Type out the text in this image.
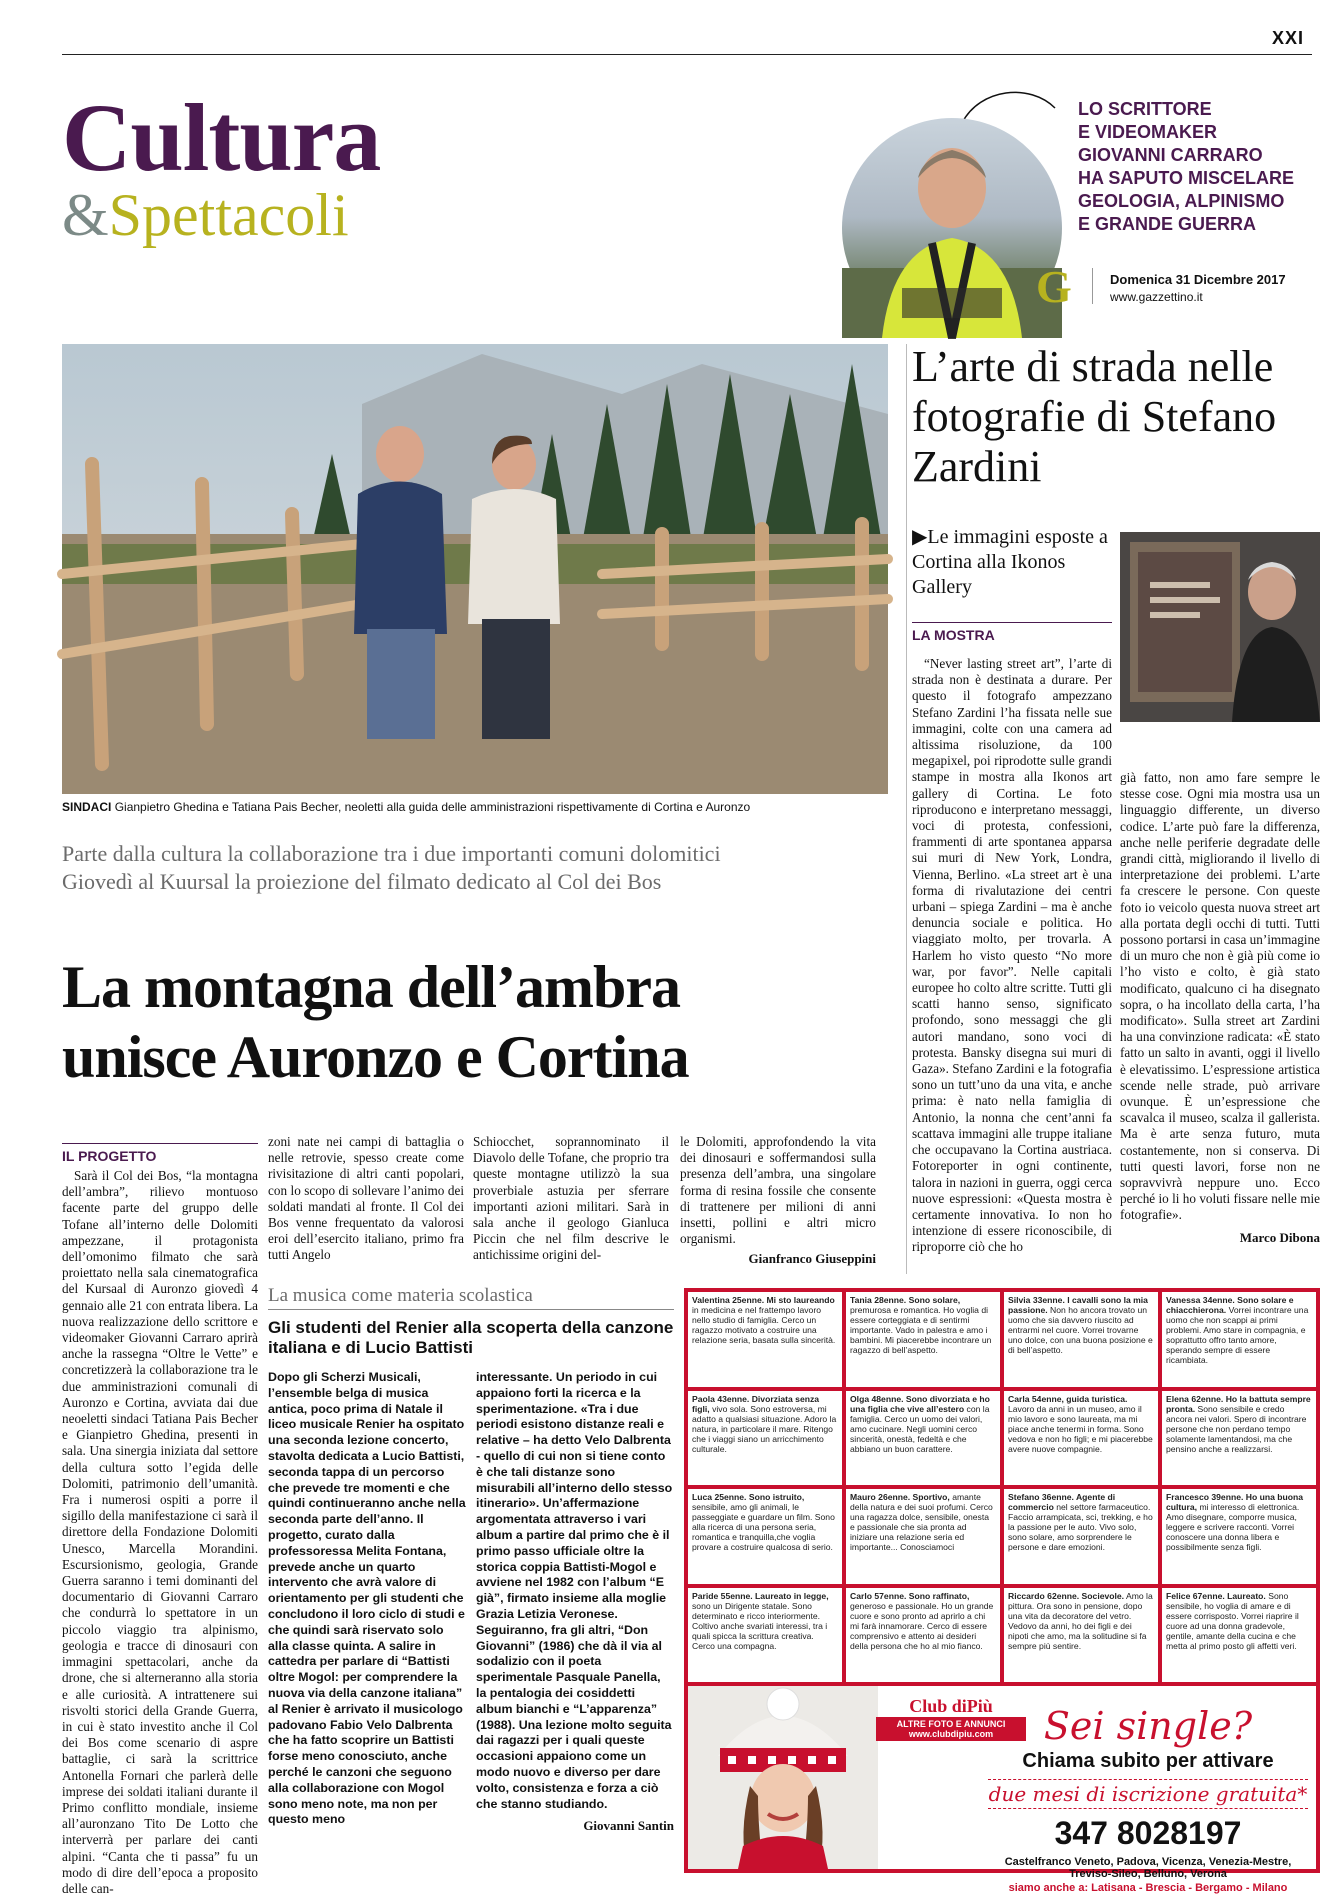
XXI
Cultura
&Spettacoli
LO SCRITTORE
E VIDEOMAKER
GIOVANNI CARRARO
HA SAPUTO MISCELARE
GEOLOGIA, ALPINISMO
E GRANDE GUERRA
G	Domenica 31 Dicembre 2017
www.gazzettino.it
SINDACI Gianpietro Ghedina e Tatiana Pais Becher, neoletti alla guida delle amministrazioni rispettivamente di Cortina e Auronzo
Parte dalla cultura la collaborazione tra i due importanti comuni dolomitici
Giovedì al Kuursal la proiezione del filmato dedicato al Col dei Bos
La montagna dell’ambra
unisce Auronzo e Cortina
IL PROGETTO

Sarà il Col dei Bos, “la montagna dell’ambra”, rilievo montuoso facente parte del gruppo delle Tofane all’interno delle Dolomiti ampezzane, il protagonista dell’omonimo filmato che sarà proiettato nella sala cinematografica del Kursaal di Auronzo giovedì 4 gennaio alle 21 con entrata libera. La nuova realizzazione dello scrittore e videomaker Giovanni Carraro aprirà anche la rassegna “Oltre le Vette” e concretizzerà la collaborazione tra le due amministrazioni comunali di Auronzo e Cortina, avviata dai due neoeletti sindaci Tatiana Pais Becher e Gianpietro Ghedina, presenti in sala. Una sinergia iniziata dal settore della cultura sotto l’egida delle Dolomiti, patrimonio dell’umanità. Fra i numerosi ospiti a porre il sigillo della manifestazione ci sarà il direttore della Fondazione Dolomiti Unesco, Marcella Morandini. Escursionismo, geologia, Grande Guerra saranno i temi dominanti del documentario di Giovanni Carraro che condurrà lo spettatore in un piccolo viaggio tra alpinismo, geologia e tracce di dinosauri con immagini spettacolari, anche da drone, che si alterneranno alla storia e alle curiosità. A intrattenere sui risvolti storici della Grande Guerra, in cui è stato investito anche il Col dei Bos come scenario di aspre battaglie, ci sarà la scrittrice Antonella Fornari che parlerà delle imprese dei soldati italiani durante il Primo conflitto mondiale, insieme all’auronzano Tito De Lotto che interverrà per parlare dei canti alpini. “Canta che ti passa” fu un modo di dire dell’epoca a proposito delle can-

zoni nate nei campi di battaglia o nelle retrovie, spesso create come rivisitazione di altri canti popolari, con lo scopo di sollevare l’animo dei soldati mandati al fronte. Il Col dei Bos venne frequentato da valorosi eroi dell’esercito italiano, primo fra tutti Angelo

Schiocchet, soprannominato il Diavolo delle Tofane, che proprio tra queste montagne utilizzò la sua proverbiale astuzia per sferrare importanti azioni militari. Sarà in sala anche il geologo Gianluca Piccin che nel film descrive le antichissime origini del-

le Dolomiti, approfondendo la vita dei dinosauri e soffermandosi sulla presenza dell’ambra, una singolare forma di resina fossile che consente di trattenere per milioni di anni insetti, pollini e altri micro organismi.

Gianfranco Giuseppini
L’arte di strada nelle fotografie di Stefano Zardini
▶Le immagini esposte a Cortina alla Ikonos Gallery
LA MOSTRA

“Never lasting street art”, l’arte di strada non è destinata a durare. Per questo il fotografo ampezzano Stefano Zardini l’ha fissata nelle sue immagini, colte con una camera ad altissima risoluzione, da 100 megapixel, poi riprodotte sulle grandi stampe in mostra alla Ikonos art gallery di Cortina. Le foto riproducono e interpretano messaggi, voci di protesta, confessioni, frammenti di arte spontanea apparsa sui muri di New York, Londra, Vienna, Berlino. «La street art è una forma di rivalutazione dei centri urbani – spiega Zardini – ma è anche denuncia sociale e politica. Ho viaggiato molto, per trovarla. A Harlem ho visto questo “No more war, por favor”. Nelle capitali europee ho colto altre scritte. Tutti gli scatti hanno senso, significato profondo, sono messaggi che gli autori mandano, sono voci di protesta. Bansky disegna sui muri di Gaza». Stefano Zardini e la fotografia sono un tutt’uno da una vita, e anche prima: è nato nella famiglia di Antonio, la nonna che cent’anni fa scattava immagini alle truppe italiane che occupavano la Cortina austriaca. Fotoreporter in ogni continente, talora in nazioni in guerra, oggi cerca nuove espressioni: «Questa mostra è certamente innovativa. Io non ho intenzione di essere riconoscibile, di riproporre ciò che ho

già fatto, non amo fare sempre le stesse cose. Ogni mia mostra usa un linguaggio differente, un diverso codice. L’arte può fare la differenza, anche nelle periferie degradate delle grandi città, migliorando il livello di interpretazione dei problemi. L’arte fa crescere le persone. Con queste foto io veicolo questa nuova street art alla portata degli occhi di tutti. Tutti possono portarsi in casa un’immagine di un muro che non è già più come io l’ho visto e colto, è già stato modificato, qualcuno ci ha disegnato sopra, o ha incollato della carta, l’ha modificato». Sulla street art Zardini ha una convinzione radicata: «È stato fatto un salto in avanti, oggi il livello è elevatissimo. L’espressione artistica scende nelle strade, può arrivare ovunque. È un’espressione che scavalca il museo, scalza il gallerista. Ma è arte senza futuro, muta costantemente, non si conserva. Di tutti questi lavori, forse non ne sopravvivrà neppure uno. Ecco perché io li ho voluti fissare nelle mie fotografie».

Marco Dibona
La musica come materia scolastica
Gli studenti del Renier alla scoperta della canzone italiana e di Lucio Battisti

Dopo gli Scherzi Musicali, l’ensemble belga di musica antica, poco prima di Natale il liceo musicale Renier ha ospitato una seconda lezione concerto, stavolta dedicata a Lucio Battisti, seconda tappa di un percorso che prevede tre momenti e che quindi continueranno anche nella seconda parte dell’anno. Il progetto, curato dalla professoressa Melita Fontana, prevede anche un quarto intervento che avrà valore di orientamento per gli studenti che concludono il loro ciclo di studi e che quindi sarà riservato solo alla classe quinta. A salire in cattedra per parlare di “Battisti oltre Mogol: per comprendere la nuova via della canzone italiana” al Renier è arrivato il musicologo padovano Fabio Velo Dalbrenta che ha fatto scoprire un Battisti forse meno conosciuto, anche perché le canzoni che seguono alla collaborazione con Mogol sono meno note, ma non per questo meno

interessante. Un periodo in cui appaiono forti la ricerca e la sperimentazione. «Tra i due periodi esistono distanze reali e relative – ha detto Velo Dalbrenta - quello di cui non si tiene conto è che tali distanze sono misurabili all’interno dello stesso itinerario». Un’affermazione argomentata attraverso i vari album a partire dal primo che è il primo passo ufficiale oltre la storica coppia Battisti-Mogol e avviene nel 1982 con l’album “E già”, firmato insieme alla moglie Grazia Letizia Veronese. Seguiranno, fra gli altri, “Don Giovanni” (1986) che dà il via al sodalizio con il poeta sperimentale Pasquale Panella, la pentalogia dei cosiddetti album bianchi e “L’apparenza” (1988). Una lezione molto seguita dai ragazzi per i quali queste occasioni appaiono come un modo nuovo e diverso per dare volto, consistenza e forza a ciò che stanno studiando.

Giovanni Santin
Valentina 25enne. Mi sto laureando in medicina e nel frattempo lavoro nello studio di famiglia. Cerco un ragazzo motivato a costruire una relazione seria, basata sulla sincerità.
Tania 28enne. Sono solare, premurosa e romantica. Ho voglia di essere corteggiata e di sentirmi importante. Vado in palestra e amo i bambini. Mi piacerebbe incontrare un ragazzo di bell’aspetto.
Silvia 33enne. I cavalli sono la mia passione. Non ho ancora trovato un uomo che sia davvero riuscito ad entrarmi nel cuore. Vorrei trovarne uno dolce, con una buona posizione e di bell’aspetto.
Vanessa 34enne. Sono solare e chiacchierona. Vorrei incontrare una uomo che non scappi ai primi problemi. Amo stare in compagnia, e soprattutto offro tanto amore, sperando sempre di essere ricambiata.
Paola 43enne. Divorziata senza figli, vivo sola. Sono estroversa, mi adatto a qualsiasi situazione. Adoro la natura, in particolare il mare. Ritengo che i viaggi siano un arricchimento culturale.
Olga 48enne. Sono divorziata e ho una figlia che vive all’estero con la famiglia. Cerco un uomo dei valori, amo cucinare. Negli uomini cerco sincerità, onestà, fedeltà e che abbiano un buon carattere.
Carla 54enne, guida turistica. Lavoro da anni in un museo, amo il mio lavoro e sono laureata, ma mi piace anche tenermi in forma. Sono vedova e non ho figli; e mi piacerebbe avere nuove compagnie.
Elena 62enne. Ho la battuta sempre pronta. Sono sensibile e credo ancora nei valori. Spero di incontrare persone che non perdano tempo solamente lamentandosi, ma che pensino anche a realizzarsi.
Luca 25enne. Sono istruito, sensibile, amo gli animali, le passeggiate e guardare un film. Sono alla ricerca di una persona seria, romantica e tranquilla,che voglia provare a costruire qualcosa di serio.
Mauro 26enne. Sportivo, amante della natura e dei suoi profumi. Cerco una ragazza dolce, sensibile, onesta e passionale che sia pronta ad iniziare una relazione seria ed importante... Conosciamoci
Stefano 36enne. Agente di commercio nel settore farmaceutico. Faccio arrampicata, sci, trekking, e ho la passione per le auto. Vivo solo, sono solare, amo sorprendere le persone e dare emozioni.
Francesco 39enne. Ho una buona cultura, mi interesso di elettronica. Amo disegnare, comporre musica, leggere e scrivere racconti. Vorrei conoscere una donna libera e possibilmente senza figli.
Paride 55enne. Laureato in legge, sono un Dirigente statale. Sono determinato e ricco interiormente. Coltivo anche svariati interessi, tra i quali spicca la scrittura creativa. Cerco una compagna.
Carlo 57enne. Sono raffinato, generoso e passionale. Ho un grande cuore e sono pronto ad aprirlo a chi mi farà innamorare. Cerco di essere comprensivo e attento ai desideri della persona che ho al mio fianco.
Riccardo 62enne. Socievole. Amo la pittura. Ora sono in pensione, dopo una vita da decoratore del vetro. Vedovo da anni, ho dei figli e dei nipoti che amo, ma la solitudine si fa sempre più sentire.
Felice 67enne. Laureato. Sono sensibile, ho voglia di amare e di essere corrisposto. Vorrei riaprire il cuore ad una donna gradevole, gentile, amante della cucina e che metta al primo posto gli affetti veri.
Club diPiù
ALTRE FOTO E ANNUNCI
www.clubdipiu.com	Sei single?
Chiama subito per attivare
due mesi di iscrizione gratuita*
347 8028197
Castelfranco Veneto, Padova, Vicenza, Venezia-Mestre, Treviso-Sileo, Belluno, Verona
siamo anche a: Latisana - Brescia - Bergamo - Milano
